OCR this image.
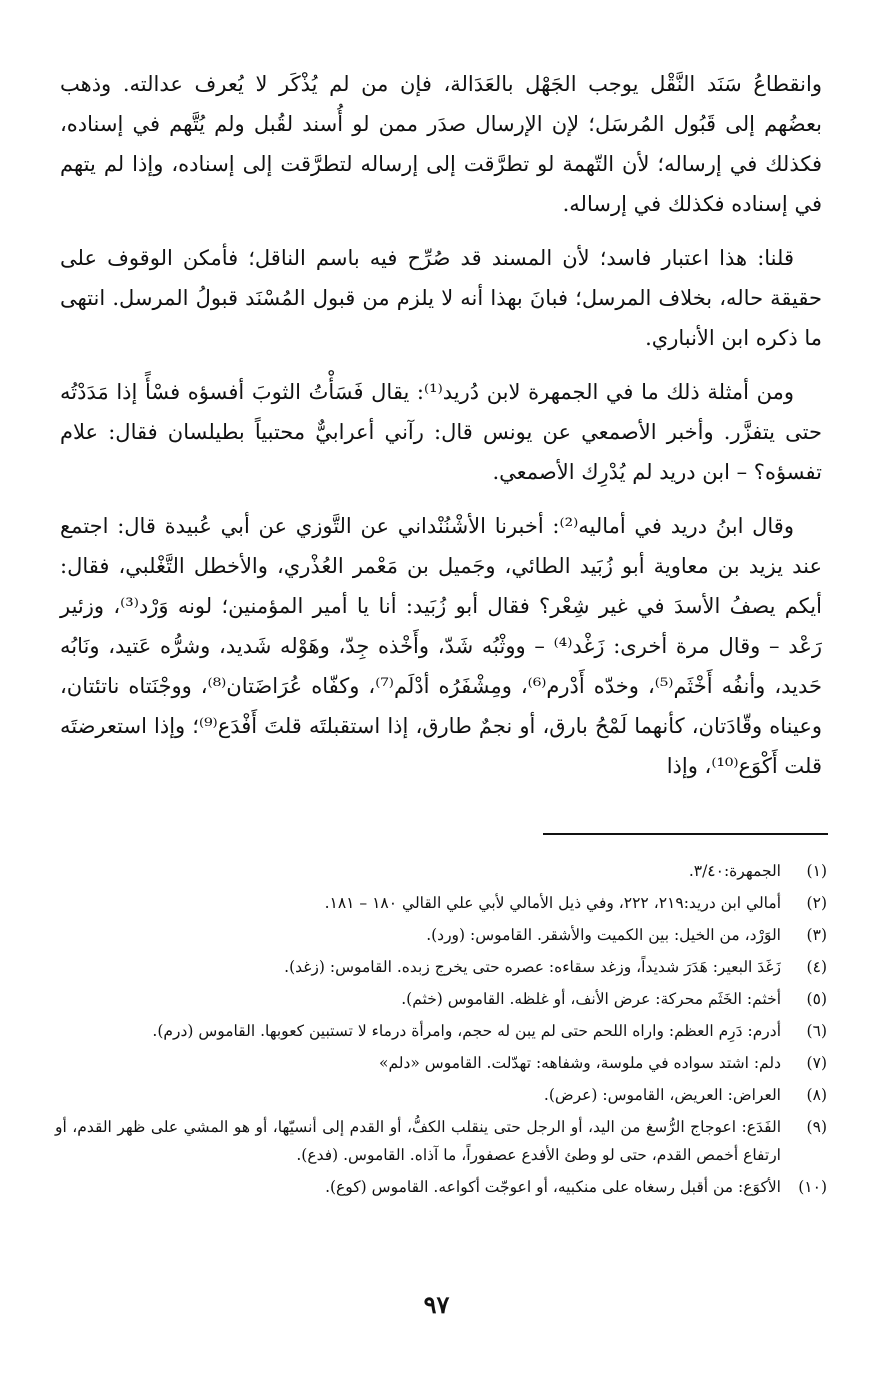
وانقطاعُ سَنَد النَّقْل يوجب الجَهْل بالعَدَالة، فإن من لم يُذْكَر لا يُعرف عدالته. وذهب بعضُهم إلى قَبُول المُرسَل؛ لإن الإرسال صدَر ممن لو أُسند لقُبل ولم يُتَّهم في إسناده، فكذلك في إرساله؛ لأن التّهمة لو تطرَّقت إلى إرساله لتطرَّقت إلى إسناده، وإذا لم يتهم في إسناده فكذلك في إرساله.

قلنا: هذا اعتبار فاسد؛ لأن المسند قد صُرِّح فيه باسم الناقل؛ فأمكن الوقوف على حقيقة حاله، بخلاف المرسل؛ فبانَ بهذا أنه لا يلزم من قبول المُسْنَد قبولُ المرسل. انتهى ما ذكره ابن الأنباري.

ومن أمثلة ذلك ما في الجمهرة لابن دُريد⁽¹⁾: يقال فَسَأْتُ الثوبَ أفسؤه فسْأً إذا مَدَدْتُه حتى يتفزَّر. وأخبر الأصمعي عن يونس قال: رآني أعرابيٌّ محتبياً بطيلسان فقال: علام تفسؤه؟ – ابن دريد لم يُدْرِك الأصمعي.

وقال ابنُ دريد في أماليه⁽²⁾: أخبرنا الأشْنُنْداني عن التَّوزي عن أبي عُبيدة قال: اجتمع عند يزيد بن معاوية أبو زُبَيد الطائي، وجَميل بن مَعْمر العُذْري، والأخطل التَّغْلبي، فقال: أيكم يصفُ الأسدَ في غير شِعْر؟ فقال أبو زُبَيد: أنا يا أمير المؤمنين؛ لونه وَرْد⁽³⁾، وزئير رَعْد – وقال مرة أخرى: زَغْد⁽⁴⁾ – ووثْبُه شَدّ، وأَخْذه جِدّ، وهَوْله شَديد، وشرُّه عَتيد، ونَابُه حَديد، وأنفُه أَخْثَم⁽⁵⁾، وخدّه أَدْرم⁽⁶⁾، ومِشْفَرُه أدْلَم⁽⁷⁾، وكفّاه عُرَاضَتان⁽⁸⁾، ووجْنَتاه ناتئتان، وعيناه وقّادَتان، كأنهما لَمْحُ بارق، أو نجمٌ طارق، إذا استقبلتَه قلتَ أَفْدَع⁽⁹⁾؛ وإذا استعرضتَه قلت أَكْوَع⁽¹⁰⁾، وإذا

(١)
الجمهرة:٣/٤٠.
(٢)
أمالي ابن دريد:٢١٩، ٢٢٢، وفي ذيل الأمالي لأبي علي القالي ١٨٠ – ١٨١.
(٣)
الوَرْد، من الخيل: بين الكميت والأشقر. القاموس: (ورد).
(٤)
زَغَدَ البعير: هَدَرَ شديداً، وزغد سقاءه: عصره حتى يخرج زبده. القاموس: (زغد).
(٥)
أخثم: الخَثَم محركة: عرض الأنف، أو غلظه. القاموس (خثم).
(٦)
أدرم: دَرِم العظم: واراه اللحم حتى لم يبن له حجم، وامرأة درماء لا تستبين كعوبها. القاموس (درم).
(٧)
دلم: اشتد سواده في ملوسة، وشفاهه: تهدّلت. القاموس «دلم»
(٨)
العراض: العريض، القاموس: (عرض).
(٩)
الفَدَع: اعوجاج الرُّسغ من اليد، أو الرجل حتى ينقلب الكفُّ، أو القدم إلى أنسيّها، أو هو المشي على ظهر القدم، أو ارتفاع أخمص القدم، حتى لو وطئ الأفدع عصفوراً، ما آذاه. القاموس. (فدع).
(١٠)
الأكوَع: من أقبل رسغاه على منكبيه، أو اعوجّت أكواعه. القاموس (كوع).
٩٧
